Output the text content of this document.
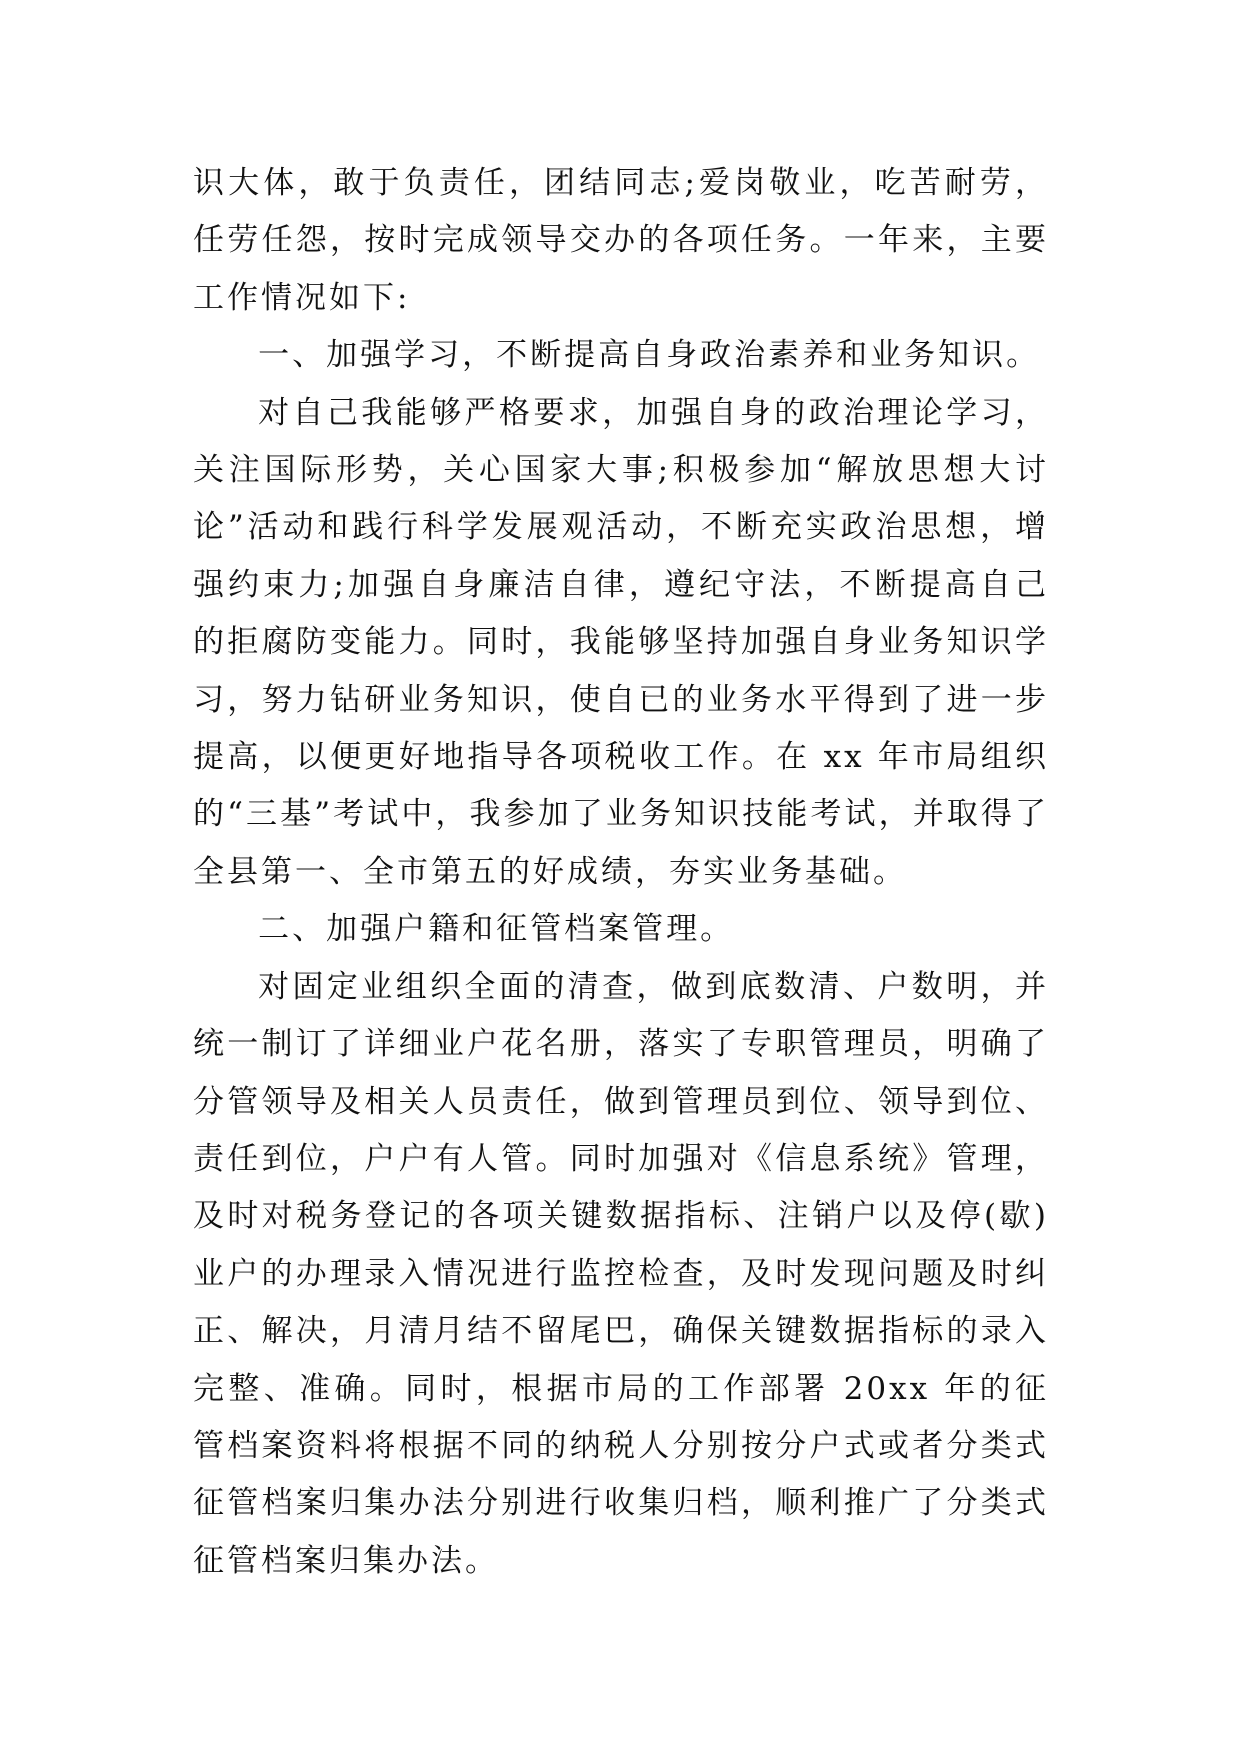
识大体，敢于负责任，团结同志;爱岗敬业，吃苦耐劳，任劳任怨，按时完成领导交办的各项任务。一年来，主要工作情况如下:

一、加强学习，不断提高自身政治素养和业务知识。

对自己我能够严格要求，加强自身的政治理论学习，关注国际形势，关心国家大事;积极参加“解放思想大讨论”活动和践行科学发展观活动，不断充实政治思想，增强约束力;加强自身廉洁自律，遵纪守法，不断提高自己的拒腐防变能力。同时，我能够坚持加强自身业务知识学习，努力钻研业务知识，使自已的业务水平得到了进一步提高，以便更好地指导各项税收工作。在 xx 年市局组织的“三基”考试中，我参加了业务知识技能考试，并取得了全县第一、全市第五的好成绩，夯实业务基础。

二、加强户籍和征管档案管理。

对固定业组织全面的清查，做到底数清、户数明，并统一制订了详细业户花名册，落实了专职管理员，明确了分管领导及相关人员责任，做到管理员到位、领导到位、责任到位，户户有人管。同时加强对《信息系统》管理，及时对税务登记的各项关键数据指标、注销户以及停(歇)业户的办理录入情况进行监控检查，及时发现问题及时纠正、解决，月清月结不留尾巴，确保关键数据指标的录入完整、准确。同时，根据市局的工作部署 20xx 年的征管档案资料将根据不同的纳税人分别按分户式或者分类式征管档案归集办法分别进行收集归档，顺利推广了分类式征管档案归集办法。
